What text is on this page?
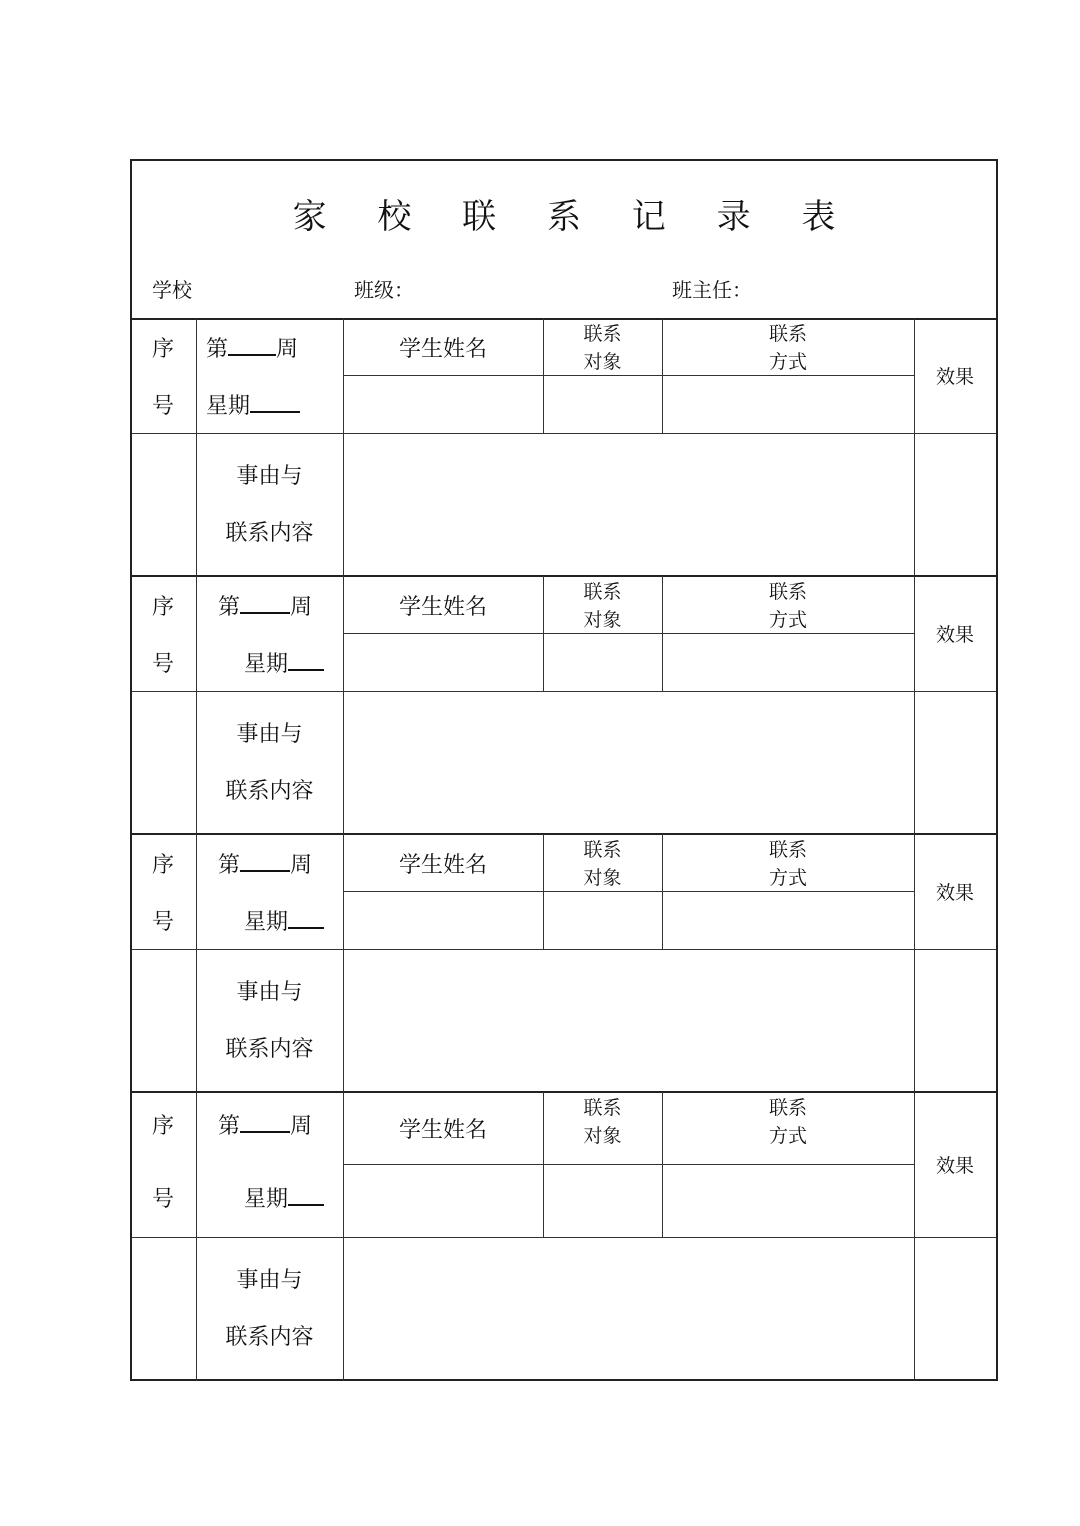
家 校 联 系 记 录 表
学校	班级：	班主任：
序
号
第 周
星期
学生姓名
联系
对象
联系
方式
效果
事由与
联系内容
序
号
第 周
星期
学生姓名
联系
对象
联系
方式
效果
事由与
联系内容
序
号
第 周
星期
学生姓名
联系
对象
联系
方式
效果
事由与
联系内容
序
号
第 周
星期
学生姓名
联系
对象
联系
方式
效果
事由与
联系内容
